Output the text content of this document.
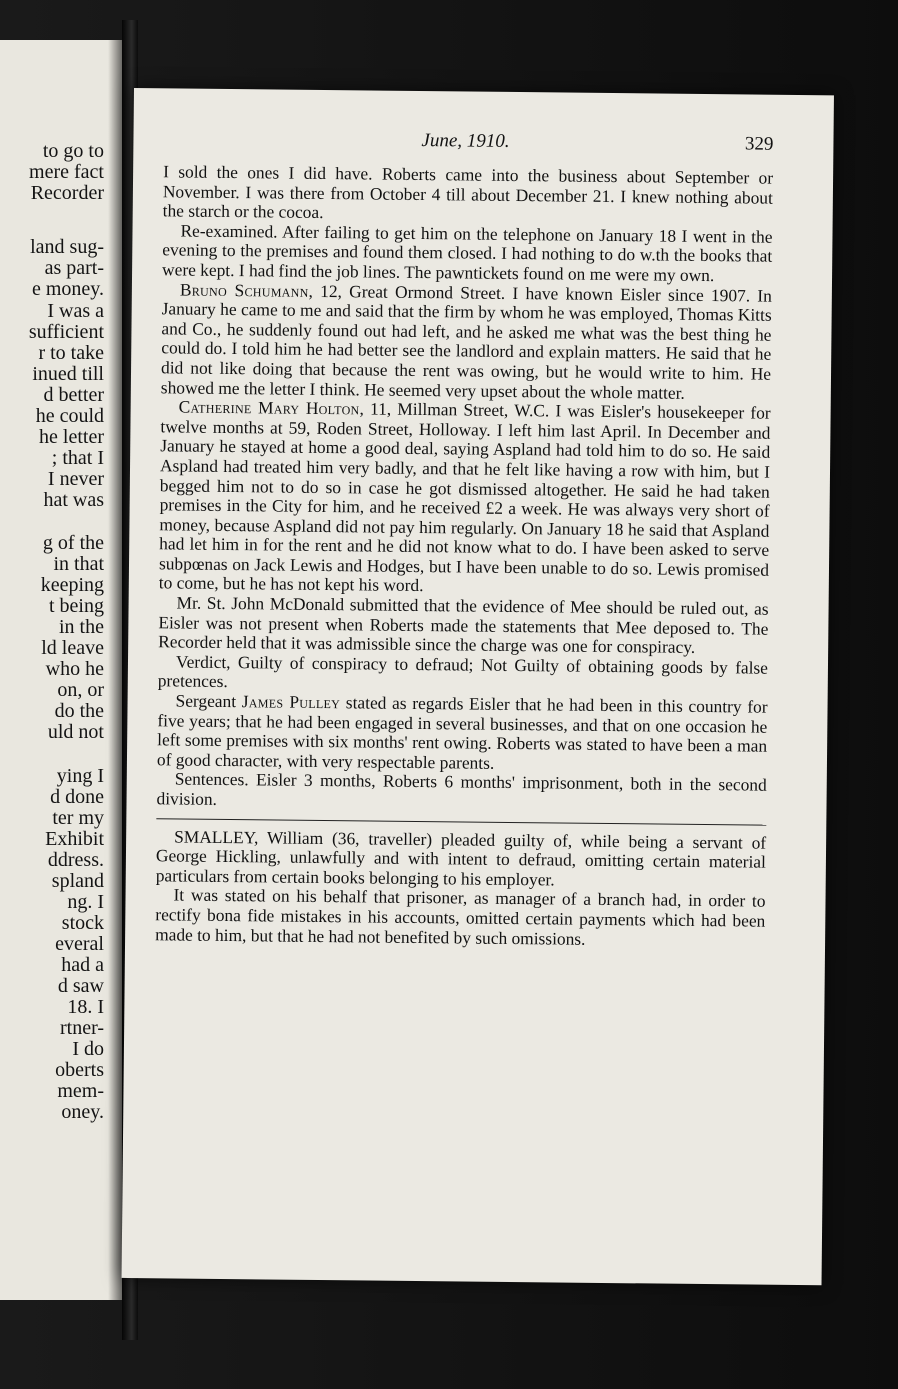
to go to
mere fact
Recorder
land sug-
as part-
e money.
I was a
sufficient
r to take
inued till
d better
he could
he letter
; that I
I never
hat was
g of the
in that
keeping
t being
in the
ld leave
who he
on, or
do the
uld not
ying I
d done
ter my
Exhibit
ddress.
spland
ng. I
stock
everal
had a
d saw
18. I
rtner-
I do
oberts
mem-
oney.
June, 1910.	329

I sold the ones I did have. Roberts came into the business about September or November. I was there from October 4 till about December 21. I knew nothing about the starch or the cocoa.

Re-examined. After failing to get him on the telephone on January 18 I went in the evening to the premises and found them closed. I had nothing to do w.th the books that were kept. I had find the job lines. The pawntickets found on me were my own.

Bruno Schumann, 12, Great Ormond Street. I have known Eisler since 1907. In January he came to me and said that the firm by whom he was employed, Thomas Kitts and Co., he suddenly found out had left, and he asked me what was the best thing he could do. I told him he had better see the landlord and explain matters. He said that he did not like doing that because the rent was owing, but he would write to him. He showed me the letter I think. He seemed very upset about the whole matter.

Catherine Mary Holton, 11, Millman Street, W.C. I was Eisler's housekeeper for twelve months at 59, Roden Street, Holloway. I left him last April. In December and January he stayed at home a good deal, saying Aspland had told him to do so. He said Aspland had treated him very badly, and that he felt like having a row with him, but I begged him not to do so in case he got dismissed altogether. He said he had taken premises in the City for him, and he received £2 a week. He was always very short of money, because Aspland did not pay him regularly. On January 18 he said that Aspland had let him in for the rent and he did not know what to do. I have been asked to serve subpœnas on Jack Lewis and Hodges, but I have been unable to do so. Lewis promised to come, but he has not kept his word.

Mr. St. John McDonald submitted that the evidence of Mee should be ruled out, as Eisler was not present when Roberts made the statements that Mee deposed to. The Recorder held that it was admissible since the charge was one for conspiracy.

Verdict, Guilty of conspiracy to defraud; Not Guilty of obtaining goods by false pretences.

Sergeant James Pulley stated as regards Eisler that he had been in this country for five years; that he had been engaged in several businesses, and that on one occasion he left some premises with six months' rent owing. Roberts was stated to have been a man of good character, with very respectable parents.

Sentences. Eisler 3 months, Roberts 6 months' imprisonment, both in the second division.

SMALLEY, William (36, traveller) pleaded guilty of, while being a servant of George Hickling, unlawfully and with intent to defraud, omitting certain material particulars from certain books belonging to his employer.

It was stated on his behalf that prisoner, as manager of a branch had, in order to rectify bona fide mistakes in his accounts, omitted certain payments which had been made to him, but that he had not benefited by such omissions.
